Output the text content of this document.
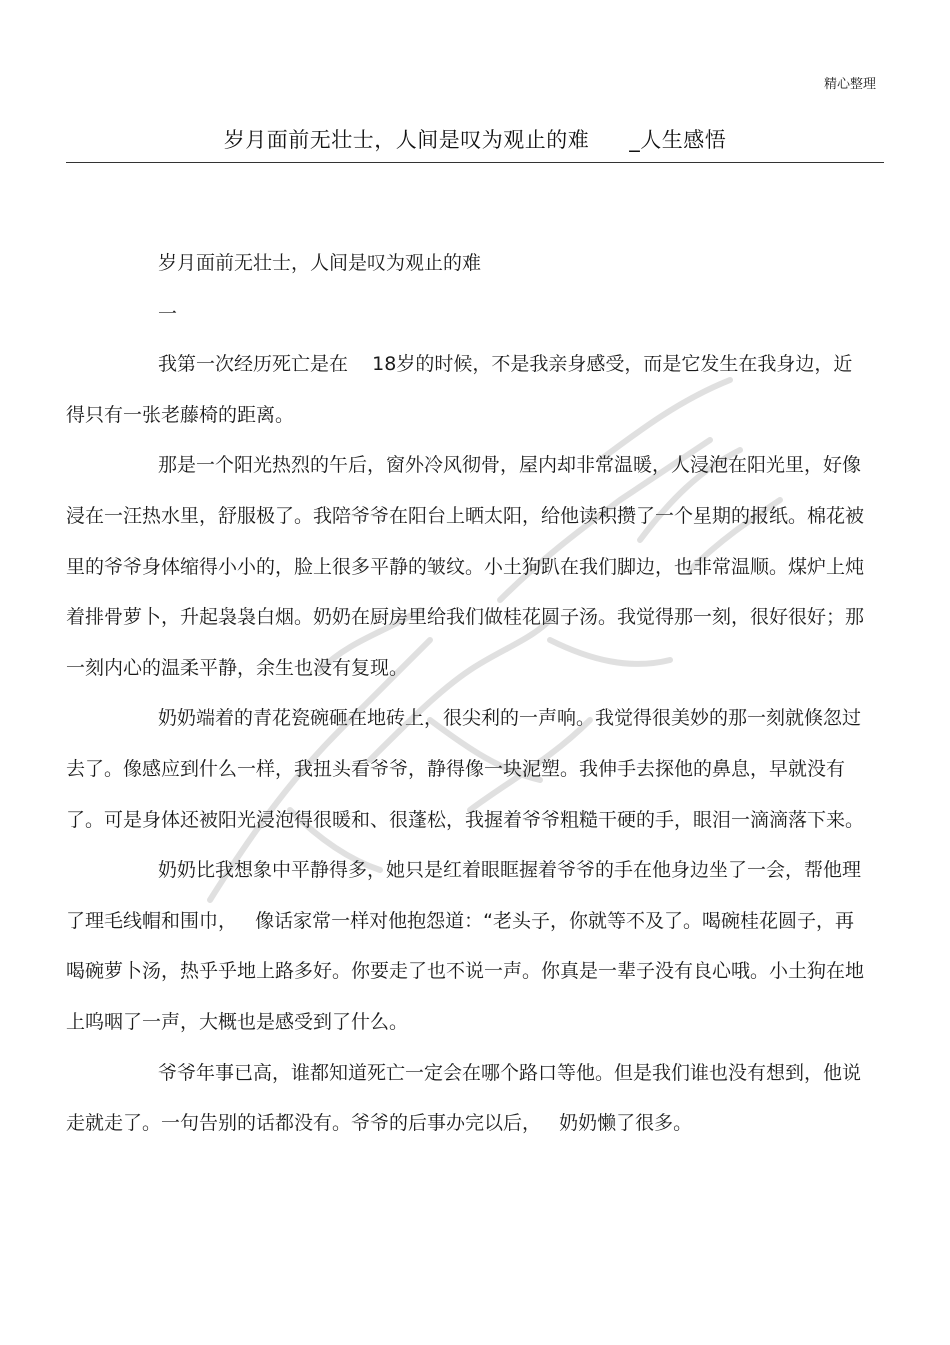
精心整理
岁月面前无壮士，人间是叹为观止的难 _人生感悟

岁月面前无壮士，人间是叹为观止的难

一

我第一次经历死亡是在    18岁的时候，不是我亲身感受，而是它发生在我身边，近得只有一张老藤椅的距离。

那是一个阳光热烈的午后，窗外冷风彻骨，屋内却非常温暖，人浸泡在阳光里，好像浸在一汪热水里，舒服极了。我陪爷爷在阳台上晒太阳，给他读积攒了一个星期的报纸。棉花被里的爷爷身体缩得小小的，脸上很多平静的皱纹。小土狗趴在我们脚边，也非常温顺。煤炉上炖着排骨萝卜，升起袅袅白烟。奶奶在厨房里给我们做桂花圆子汤。我觉得那一刻，很好很好；那一刻内心的温柔平静，余生也没有复现。

奶奶端着的青花瓷碗砸在地砖上，很尖利的一声响。我觉得很美妙的那一刻就倏忽过去了。像感应到什么一样，我扭头看爷爷，静得像一块泥塑。我伸手去探他的鼻息，早就没有了。可是身体还被阳光浸泡得很暖和、很蓬松，我握着爷爷粗糙干硬的手，眼泪一滴滴落下来。

奶奶比我想象中平静得多，她只是红着眼眶握着爷爷的手在他身边坐了一会，帮他理了理毛线帽和围巾，   像话家常一样对他抱怨道：“老头子，你就等不及了。喝碗桂花圆子，再喝碗萝卜汤，热乎乎地上路多好。你要走了也不说一声。你真是一辈子没有良心哦。小土狗在地上呜咽了一声，大概也是感受到了什么。

爷爷年事已高，谁都知道死亡一定会在哪个路口等他。但是我们谁也没有想到，他说走就走了。一句告别的话都没有。爷爷的后事办完以后，   奶奶懒了很多。
